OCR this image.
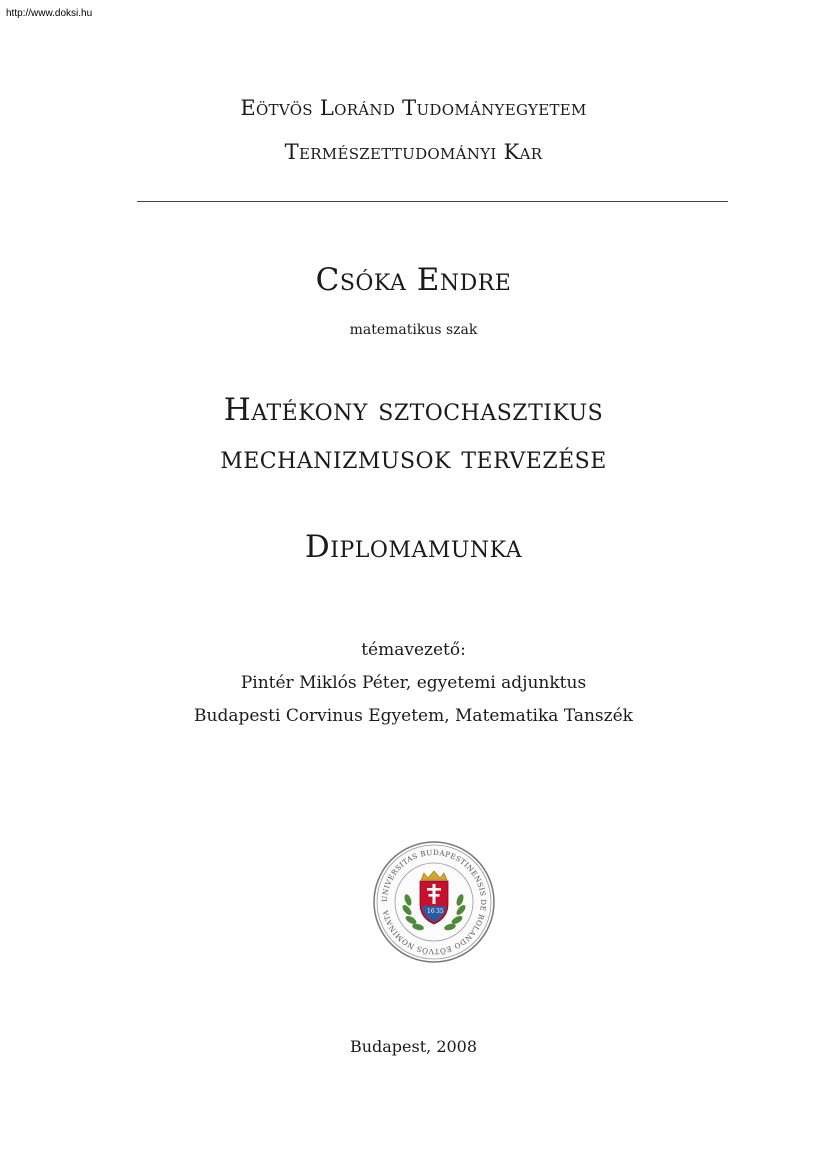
http://www.doksi.hu
Eötvös Loránd Tudományegyetem
Természettudományi Kar
Csóka Endre
matematikus szak
Hatékony sztochasztikus
mechanizmusok tervezése
Diplomamunka
témavezető:
Pintér Miklós Péter, egyetemi adjunktus
Budapesti Corvinus Egyetem, Matematika Tanszék
UNIVERSITAS BUDAPESTINENSIS DE ROLANDO EÖTVÖS NOMINATA	16 35
Budapest, 2008
